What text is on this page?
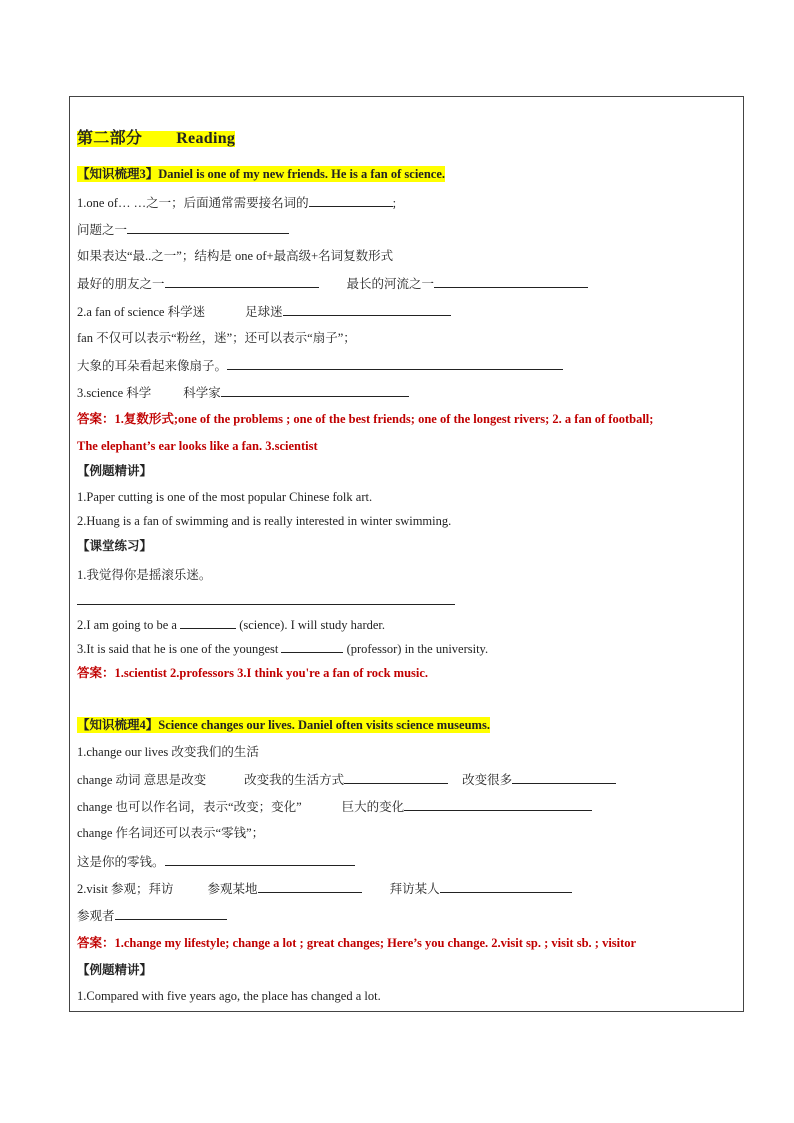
第二部分 Reading
【知识梳理3】Daniel is one of my new friends. He is a fan of science.
1.one of… …之一；后面通常需要接名词的	;
问题之一
如果表达“最..之一”；结构是 one of+最高级+名词复数形式
最好的朋友之一	最长的河流之一
2.a fan of science 科学迷	足球迷
fan 不仅可以表示“粉丝，迷”；还可以表示“扇子”；
大象的耳朵看起来像扇子。
3.science 科学	科学家
答案：1.复数形式;one of the problems ; one of the best friends; one of the longest rivers; 2. a fan of football;
The elephant’s ear looks like a fan. 3.scientist
【例题精讲】
1.Paper cutting is one of the most popular Chinese folk art.
2.Huang is a fan of swimming and is really interested in winter swimming.
【课堂练习】
1.我觉得你是摇滚乐迷。
2.I am going to be a	(science). I will study harder.
3.It is said that he is one of the youngest	(professor) in the university.
答案：1.scientist 2.professors 3.I think you're a fan of rock music.
【知识梳理4】Science changes our lives. Daniel often visits science museums.
1.change our lives 改变我们的生活
change 动词 意思是改变	改变我的生活方式	改变很多
change 也可以作名词，表示“改变；变化”	巨大的变化
change 作名词还可以表示“零钱”；
这是你的零钱。
2.visit 参观；拜访	参观某地	拜访某人
参观者
答案：1.change my lifestyle; change a lot ; great changes; Here’s you change. 2.visit sp. ; visit sb. ; visitor
【例题精讲】
1.Compared with five years ago, the place has changed a lot.
